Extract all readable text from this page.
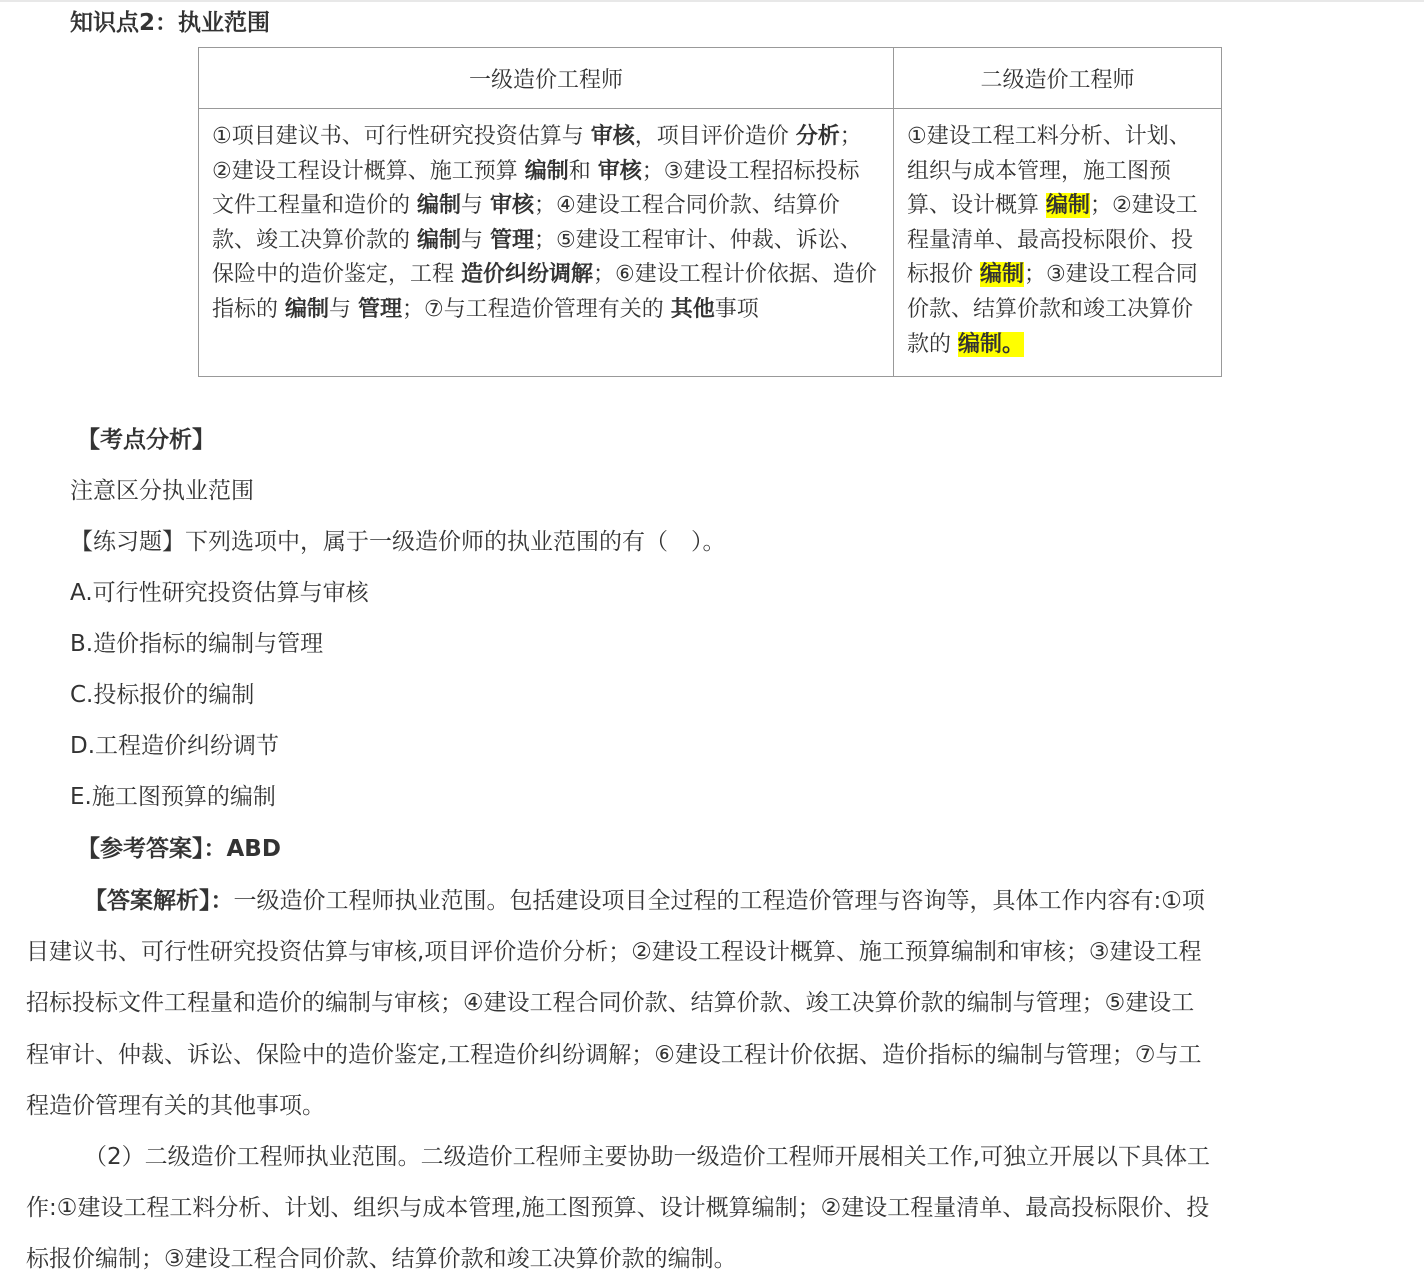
知识点2：执业范围
一级造价工程师	二级造价工程师
①项目建议书、可行性研究投资估算与 审核，项目评价造价 分析；②建设工程设计概算、施工预算 编制和 审核；③建设工程招标投标文件工程量和造价的 编制与 审核；④建设工程合同价款、结算价款、竣工决算价款的 编制与 管理；⑤建设工程审计、仲裁、诉讼、保险中的造价鉴定，工程 造价纠纷调解；⑥建设工程计价依据、造价指标的 编制与 管理；⑦与工程造价管理有关的 其他事项	①建设工程工料分析、计划、组织与成本管理，施工图预算、设计概算 编制；②建设工程量清单、最高投标限价、投标报价 编制；③建设工程合同价款、结算价款和竣工决算价款的 编制。
【考点分析】
注意区分执业范围
【练习题】下列选项中，属于一级造价师的执业范围的有（　）。
A.可行性研究投资估算与审核
B.造价指标的编制与管理
C.投标报价的编制
D.工程造价纠纷调节
E.施工图预算的编制
【参考答案】：ABD
【答案解析】：一级造价工程师执业范围。包括建设项目全过程的工程造价管理与咨询等，具体工作内容有:①项
目建议书、可行性研究投资估算与审核,项目评价造价分析；②建设工程设计概算、施工预算编制和审核；③建设工程
招标投标文件工程量和造价的编制与审核；④建设工程合同价款、结算价款、竣工决算价款的编制与管理；⑤建设工
程审计、仲裁、诉讼、保险中的造价鉴定,工程造价纠纷调解；⑥建设工程计价依据、造价指标的编制与管理；⑦与工
程造价管理有关的其他事项。
（2）二级造价工程师执业范围。二级造价工程师主要协助一级造价工程师开展相关工作,可独立开展以下具体工
作:①建设工程工料分析、计划、组织与成本管理,施工图预算、设计概算编制；②建设工程量清单、最高投标限价、投
标报价编制；③建设工程合同价款、结算价款和竣工决算价款的编制。
